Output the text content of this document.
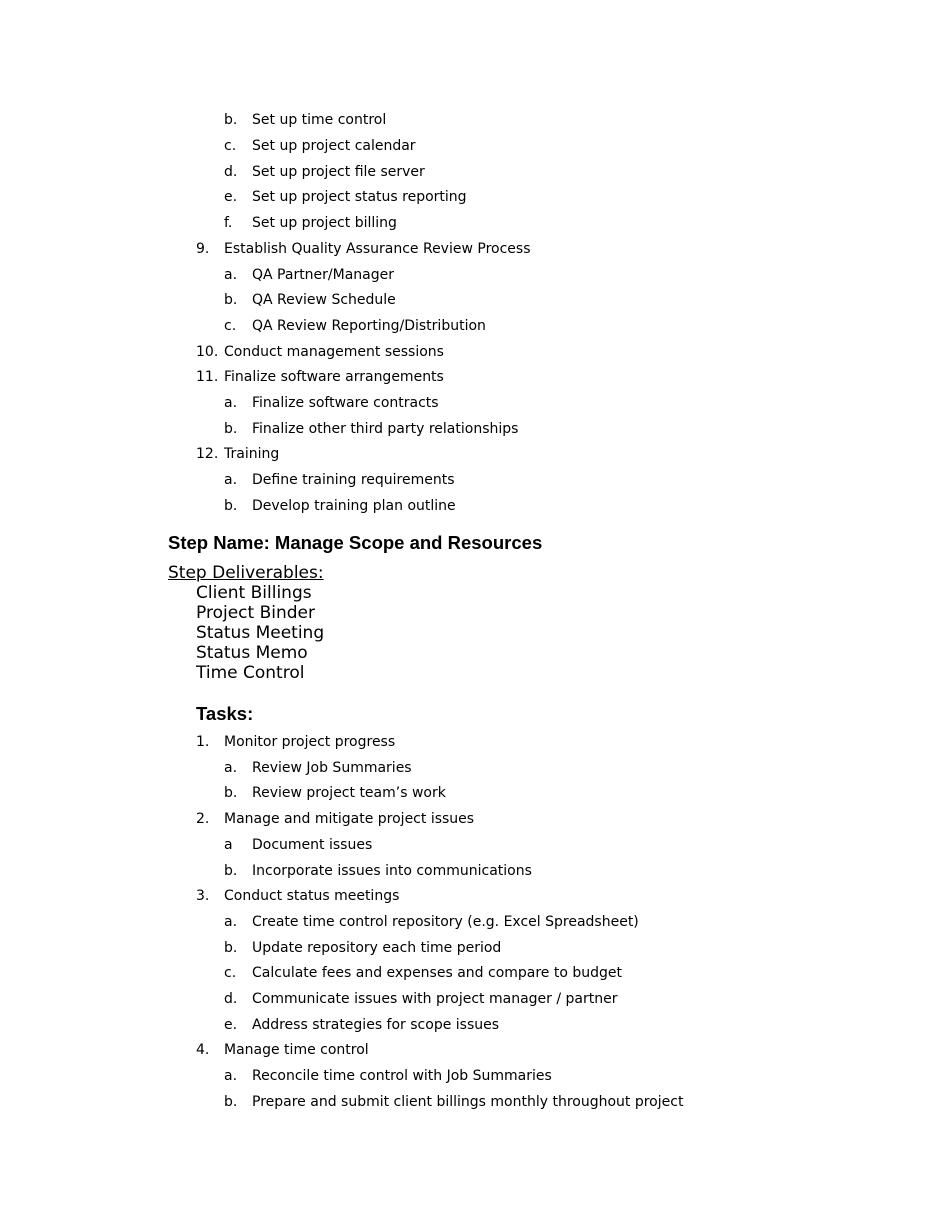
b. Set up time control
c. Set up project calendar
d. Set up project file server
e. Set up project status reporting
f. Set up project billing
9. Establish Quality Assurance Review Process
a. QA Partner/Manager
b. QA Review Schedule
c. QA Review Reporting/Distribution
10. Conduct management sessions
11. Finalize software arrangements
a. Finalize software contracts
b. Finalize other third party relationships
12. Training
a. Define training requirements
b. Develop training plan outline
Step Name: Manage Scope and Resources
Step Deliverables:
Client Billings
Project Binder
Status Meeting
Status Memo
Time Control
Tasks:
1. Monitor project progress
a. Review Job Summaries
b. Review project team’s work
2. Manage and mitigate project issues
a Document issues
b. Incorporate issues into communications
3. Conduct status meetings
a. Create time control repository (e.g. Excel Spreadsheet)
b. Update repository each time period
c. Calculate fees and expenses and compare to budget
d. Communicate issues with project manager / partner
e. Address strategies for scope issues
4. Manage time control
a. Reconcile time control with Job Summaries
b. Prepare and submit client billings monthly throughout project
